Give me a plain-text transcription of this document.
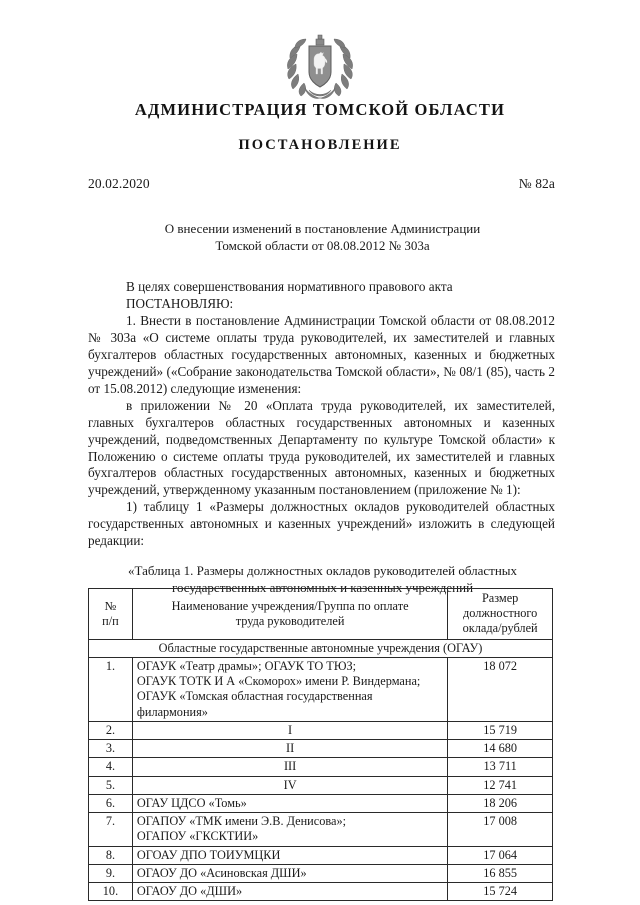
АДМИНИСТРАЦИЯ ТОМСКОЙ ОБЛАСТИ
ПОСТАНОВЛЕНИЕ
20.02.2020	№ 82а
О внесении изменений в постановление Администрации
Томской области от 08.08.2012 № 303а

В целях совершенствования нормативного правового акта

ПОСТАНОВЛЯЮ:

1. Внести в постановление Администрации Томской области от 08.08.2012 № 303а «О системе оплаты труда руководителей, их заместителей и главных бухгалтеров областных государственных автономных, казенных и бюджетных учреждений» («Собрание законодательства Томской области», № 08/1 (85), часть 2 от 15.08.2012) следующие изменения:

в приложении № 20 «Оплата труда руководителей, их заместителей, главных бухгалтеров областных государственных автономных и казенных учреждений, подведомственных Департаменту по культуре Томской области» к Положению о системе оплаты труда руководителей, их заместителей и главных бухгалтеров областных государственных автономных, казенных и бюджетных учреждений, утвержденному указанным постановлением (приложение № 1):

1) таблицу 1 «Размеры должностных окладов руководителей областных государственных автономных и казенных учреждений» изложить в следующей редакции:

«Таблица 1. Размеры должностных окладов руководителей областных
государственных автономных и казенных учреждений
№
п/п

Наименование учреждения/Группа по оплате
труда руководителей

Размер должностного
оклада/рублей

Областные государственные автономные учреждения (ОГАУ)		
1.	ОГАУК «Театр драмы»; ОГАУК ТО ТЮЗ;
ОГАУК ТОТК И А «Скоморох» имени Р. Виндермана;
ОГАУК «Томская областная государственная
филармония»	18 072
2.	I	15 719
3.	II	14 680
4.	III	13 711
5.	IV	12 741
6.	ОГАУ ЦДСО «Томь»	18 206
7.	ОГАПОУ «ТМК имени Э.В. Денисова»;
ОГАПОУ «ГКСКТИИ»	17 008
8.	ОГОАУ ДПО ТОИУМЦКИ	17 064
9.	ОГАОУ ДО «Асиновская ДШИ»	16 855
10.	ОГАОУ ДО «ДШИ»	15 724
